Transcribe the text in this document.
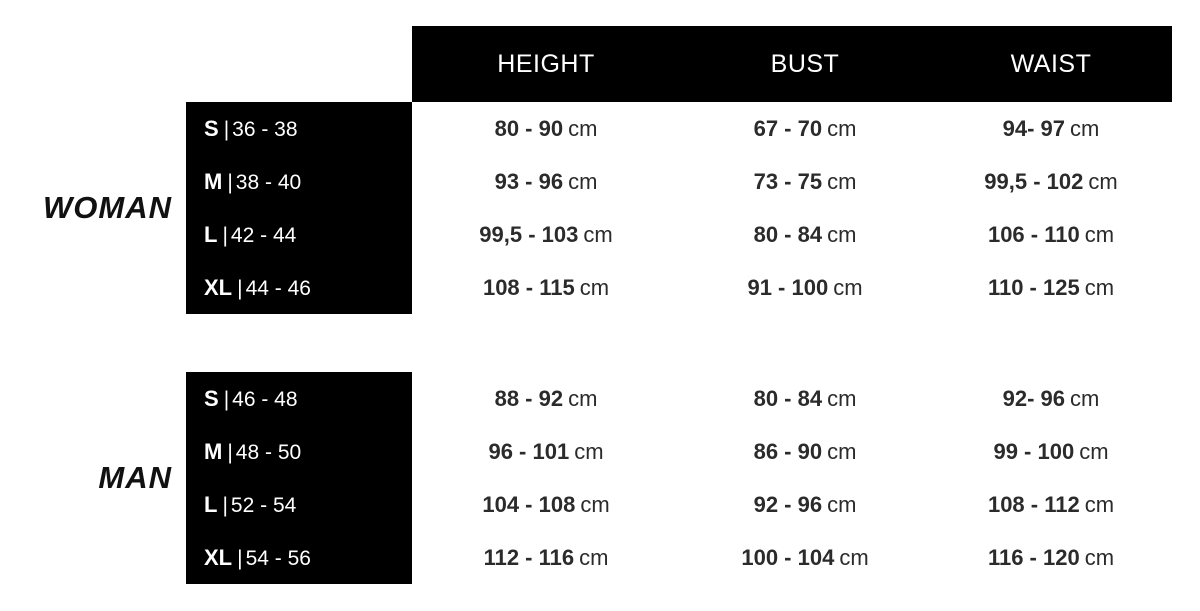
HEIGHT	BUST	WAIST
WOMAN
S | 36 - 38	80 - 90 cm	67 - 70 cm	94- 97 cm
M | 38 - 40	93 - 96 cm	73 - 75 cm	99,5 - 102 cm
L | 42 - 44	99,5 - 103 cm	80 - 84 cm	106 - 110 cm
XL | 44 - 46	108 - 115 cm	91 - 100 cm	110 - 125 cm
MAN
S | 46 - 48	88 - 92 cm	80 - 84 cm	92- 96 cm
M | 48 - 50	96 - 101 cm	86 - 90 cm	99 - 100 cm
L | 52 - 54	104 - 108 cm	92 - 96 cm	108 - 112 cm
XL | 54 - 56	112 - 116 cm	100 - 104 cm	116 - 120 cm
